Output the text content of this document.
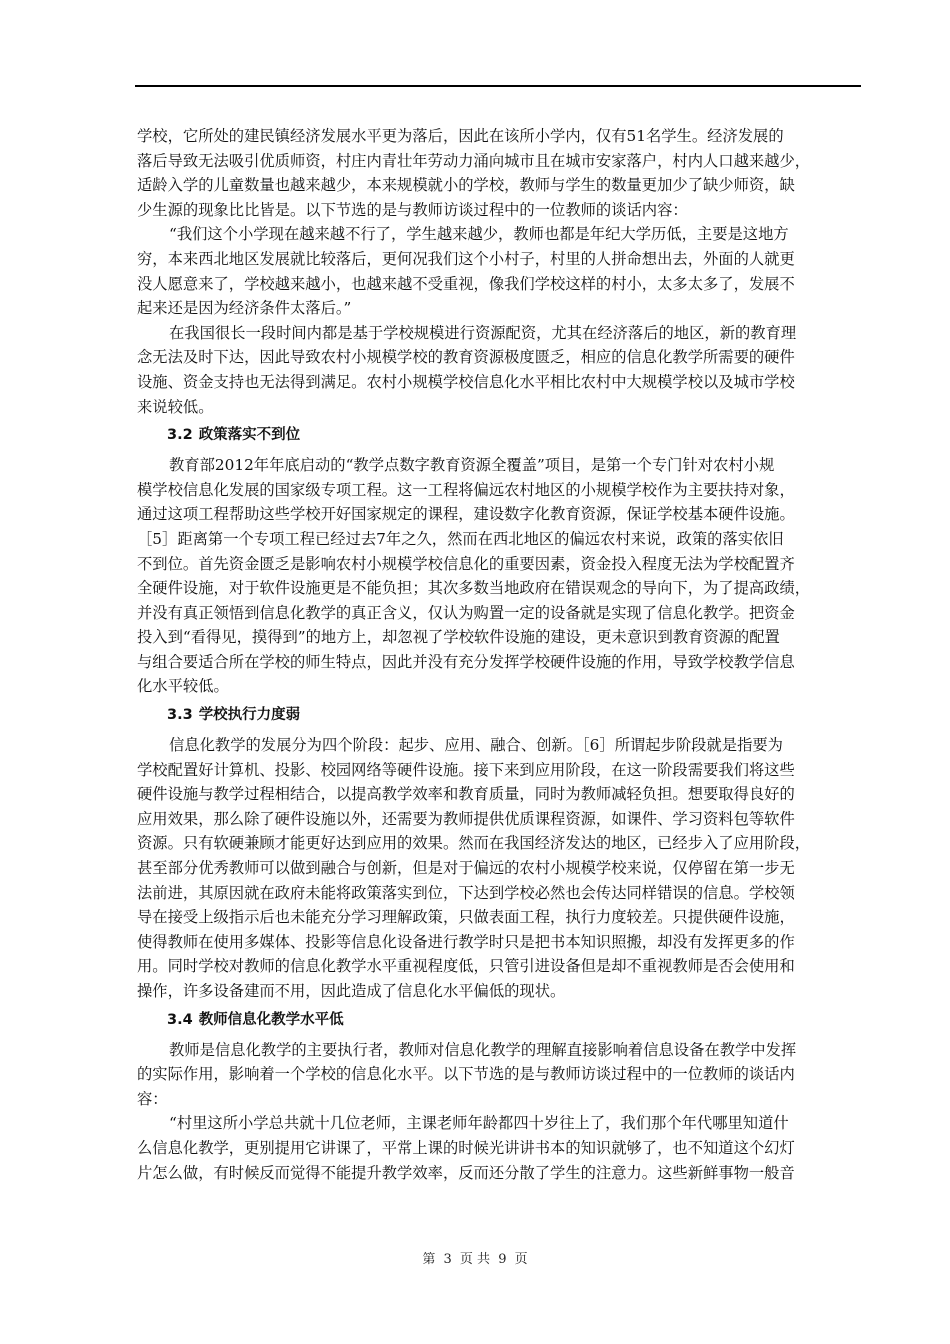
学校，它所处的建民镇经济发展水平更为落后，因此在该所小学内，仅有51名学生。经济发展的
落后导致无法吸引优质师资，村庄内青壮年劳动力涌向城市且在城市安家落户，村内人口越来越少，
适龄入学的儿童数量也越来越少，本来规模就小的学校，教师与学生的数量更加少了缺少师资，缺
少生源的现象比比皆是。以下节选的是与教师访谈过程中的一位教师的谈话内容：

“我们这个小学现在越来越不行了，学生越来越少，教师也都是年纪大学历低，主要是这地方
穷，本来西北地区发展就比较落后，更何况我们这个小村子，村里的人拼命想出去，外面的人就更
没人愿意来了，学校越来越小，也越来越不受重视，像我们学校这样的村小，太多太多了，发展不
起来还是因为经济条件太落后。”

在我国很长一段时间内都是基于学校规模进行资源配资，尤其在经济落后的地区，新的教育理
念无法及时下达，因此导致农村小规模学校的教育资源极度匮乏，相应的信息化教学所需要的硬件
设施、资金支持也无法得到满足。农村小规模学校信息化水平相比农村中大规模学校以及城市学校
来说较低。

3.2 政策落实不到位

教育部2012年年底启动的“教学点数字教育资源全覆盖”项目，是第一个专门针对农村小规
模学校信息化发展的国家级专项工程。这一工程将偏远农村地区的小规模学校作为主要扶持对象，
通过这项工程帮助这些学校开好国家规定的课程，建设数字化教育资源，保证学校基本硬件设施。
［5］距离第一个专项工程已经过去7年之久，然而在西北地区的偏远农村来说，政策的落实依旧
不到位。首先资金匮乏是影响农村小规模学校信息化的重要因素，资金投入程度无法为学校配置齐
全硬件设施，对于软件设施更是不能负担；其次多数当地政府在错误观念的导向下，为了提高政绩，
并没有真正领悟到信息化教学的真正含义，仅认为购置一定的设备就是实现了信息化教学。把资金
投入到“看得见，摸得到”的地方上，却忽视了学校软件设施的建设，更未意识到教育资源的配置
与组合要适合所在学校的师生特点，因此并没有充分发挥学校硬件设施的作用，导致学校教学信息
化水平较低。

3.3 学校执行力度弱

信息化教学的发展分为四个阶段：起步、应用、融合、创新。［6］所谓起步阶段就是指要为
学校配置好计算机、投影、校园网络等硬件设施。接下来到应用阶段，在这一阶段需要我们将这些
硬件设施与教学过程相结合，以提高教学效率和教育质量，同时为教师减轻负担。想要取得良好的
应用效果，那么除了硬件设施以外，还需要为教师提供优质课程资源，如课件、学习资料包等软件
资源。只有软硬兼顾才能更好达到应用的效果。然而在我国经济发达的地区，已经步入了应用阶段，
甚至部分优秀教师可以做到融合与创新，但是对于偏远的农村小规模学校来说，仅停留在第一步无
法前进，其原因就在政府未能将政策落实到位，下达到学校必然也会传达同样错误的信息。学校领
导在接受上级指示后也未能充分学习理解政策，只做表面工程，执行力度较差。只提供硬件设施，
使得教师在使用多媒体、投影等信息化设备进行教学时只是把书本知识照搬，却没有发挥更多的作
用。同时学校对教师的信息化教学水平重视程度低，只管引进设备但是却不重视教师是否会使用和
操作，许多设备建而不用，因此造成了信息化水平偏低的现状。

3.4 教师信息化教学水平低

教师是信息化教学的主要执行者，教师对信息化教学的理解直接影响着信息设备在教学中发挥
的实际作用，影响着一个学校的信息化水平。以下节选的是与教师访谈过程中的一位教师的谈话内
容：

“村里这所小学总共就十几位老师，主课老师年龄都四十岁往上了，我们那个年代哪里知道什
么信息化教学，更别提用它讲课了，平常上课的时候光讲讲书本的知识就够了，也不知道这个幻灯
片怎么做，有时候反而觉得不能提升教学效率，反而还分散了学生的注意力。这些新鲜事物一般音

第 3 页 共 9 页
